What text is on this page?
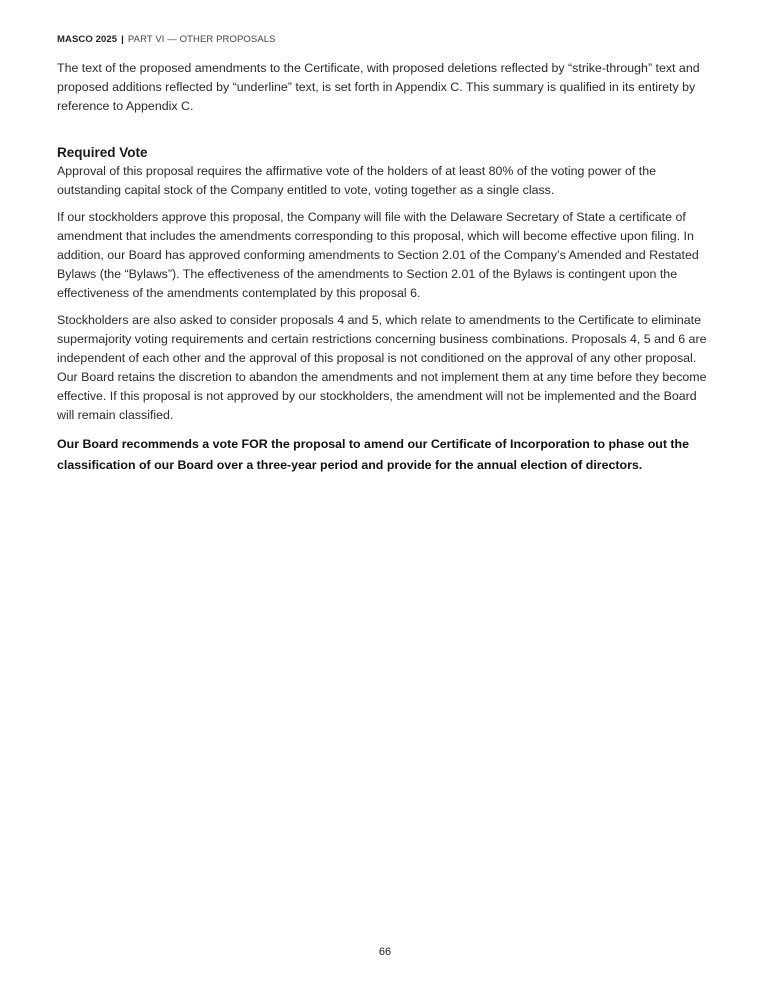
MASCO 2025 | PART VI — OTHER PROPOSALS

The text of the proposed amendments to the Certificate, with proposed deletions reflected by “strike-through” text and proposed additions reflected by “underline” text, is set forth in Appendix C. This summary is qualified in its entirety by reference to Appendix C.

Required Vote

Approval of this proposal requires the affirmative vote of the holders of at least 80% of the voting power of the outstanding capital stock of the Company entitled to vote, voting together as a single class.

If our stockholders approve this proposal, the Company will file with the Delaware Secretary of State a certificate of amendment that includes the amendments corresponding to this proposal, which will become effective upon filing. In addition, our Board has approved conforming amendments to Section 2.01 of the Company’s Amended and Restated Bylaws (the “Bylaws”). The effectiveness of the amendments to Section 2.01 of the Bylaws is contingent upon the effectiveness of the amendments contemplated by this proposal 6.

Stockholders are also asked to consider proposals 4 and 5, which relate to amendments to the Certificate to eliminate supermajority voting requirements and certain restrictions concerning business combinations. Proposals 4, 5 and 6 are independent of each other and the approval of this proposal is not conditioned on the approval of any other proposal. Our Board retains the discretion to abandon the amendments and not implement them at any time before they become effective. If this proposal is not approved by our stockholders, the amendment will not be implemented and the Board will remain classified.

Our Board recommends a vote FOR the proposal to amend our Certificate of Incorporation to phase out the classification of our Board over a three-year period and provide for the annual election of directors.

66
